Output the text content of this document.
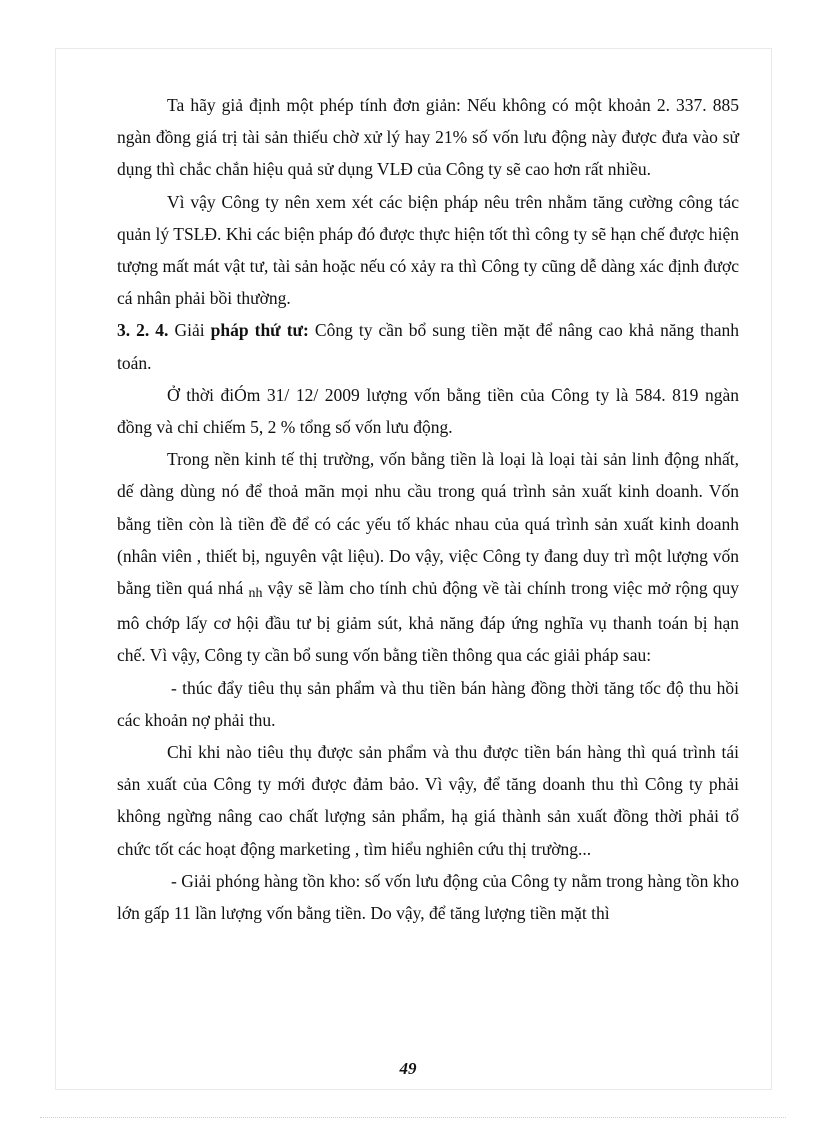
Ta hãy giả định một phép tính đơn giản: Nếu không có một khoản 2. 337. 885 ngàn đồng giá trị tài sản thiếu chờ xử lý hay 21% số vốn lưu động này được đưa vào sử dụng thì chắc chắn hiệu quả sử dụng VLĐ của Công ty sẽ cao hơn rất nhiều.

Vì vậy Công ty nên xem xét các biện pháp nêu trên nhằm tăng cường công tác quản lý TSLĐ. Khi các biện pháp đó được thực hiện tốt thì công ty sẽ hạn chế được hiện tượng mất mát vật tư, tài sản hoặc nếu có xảy ra thì Công ty cũng dễ dàng xác định được cá nhân phải bồi thường.

3. 2. 4. Giải pháp thứ tư: Công ty cần bổ sung tiền mặt để nâng cao khả năng thanh toán.

Ở thời điÓm 31/ 12/ 2009 lượng vốn bằng tiền của Công ty là 584. 819 ngàn đồng và chỉ chiếm 5, 2 % tổng số vốn lưu động.

Trong nền kinh tế thị trường, vốn bằng tiền là loại là loại tài sản linh động nhất, dế dàng dùng nó để thoả mãn mọi nhu cầu trong quá trình sản xuất kinh doanh. Vốn bằng tiền còn là tiền đề để có các yếu tố khác nhau của quá trình sản xuất kinh doanh (nhân viên , thiết bị, nguyên vật liệu). Do vậy, việc Công ty đang duy trì một lượng vốn bằng tiền quá nhá nh vậy sẽ làm cho tính chủ động về tài chính trong việc mở rộng quy mô chớp lấy cơ hội đầu tư bị giảm sút, khả năng đáp ứng nghĩa vụ thanh toán bị hạn chế. Vì vậy, Công ty cần bổ sung vốn bằng tiền thông qua các giải pháp sau:

- thúc đẩy tiêu thụ sản phẩm và thu tiền bán hàng đồng thời tăng tốc độ thu hồi các khoản nợ phải thu.

Chỉ khi nào tiêu thụ được sản phẩm và thu được tiền bán hàng thì quá trình tái sản xuất của Công ty mới được đảm bảo. Vì vậy, để tăng doanh thu thì Công ty phải không ngừng nâng cao chất lượng sản phẩm, hạ giá thành sản xuất đồng thời phải tổ chức tốt các hoạt động marketing , tìm hiểu nghiên cứu thị trường...

- Giải phóng hàng tồn kho: số vốn lưu động của Công ty nằm trong hàng tồn kho lớn gấp 11 lần lượng vốn bằng tiền. Do vậy, để tăng lượng tiền mặt thì

49
